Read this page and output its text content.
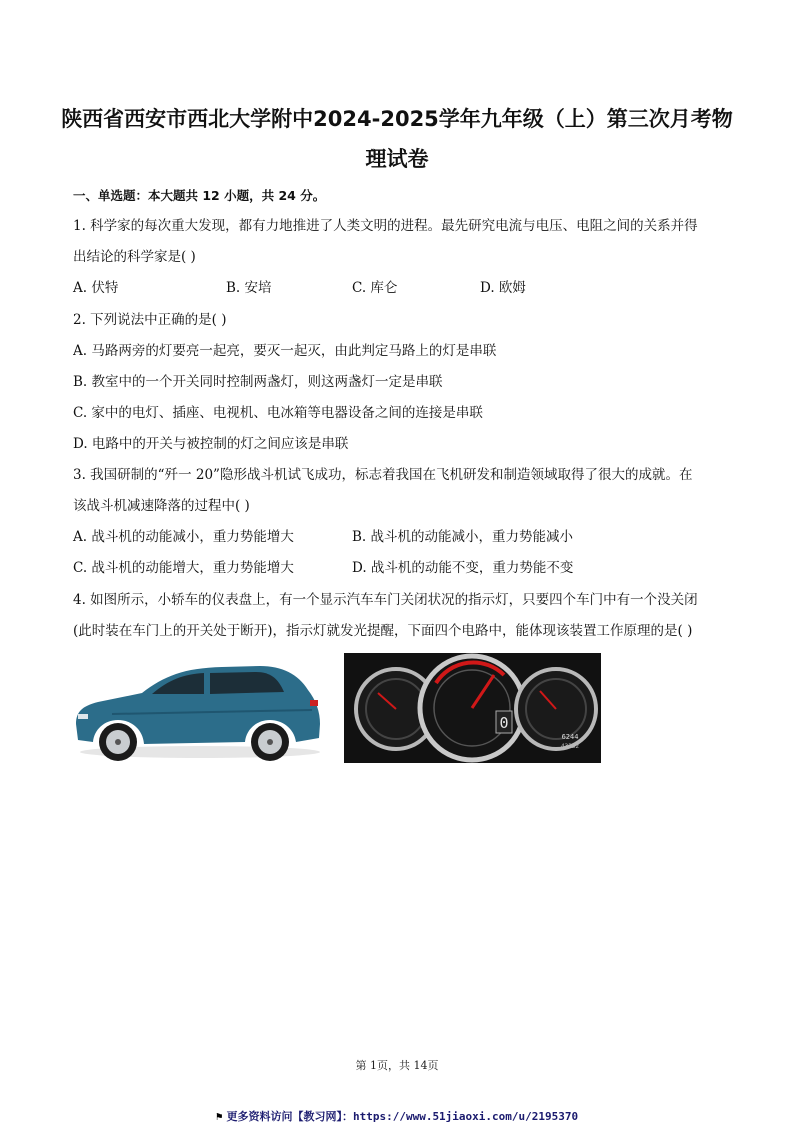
陕西省西安市西北大学附中2024-2025学年九年级（上）第三次月考物
理试卷
一、单选题：本大题共 12 小题，共 24 分。
1. 科学家的每次重大发现，都有力地推进了人类文明的进程。最先研究电流与电压、电阻之间的关系并得
出结论的科学家是( )
A. 伏特	B. 安培	C. 库仑	D. 欧姆
2. 下列说法中正确的是( )
A. 马路两旁的灯要亮一起亮，要灭一起灭，由此判定马路上的灯是串联
B. 教室中的一个开关同时控制两盏灯，则这两盏灯一定是串联
C. 家中的电灯、插座、电视机、电冰箱等电器设备之间的连接是串联
D. 电路中的开关与被控制的灯之间应该是串联
3. 我国研制的“歼一 20”隐形战斗机试飞成功，标志着我国在飞机研发和制造领域取得了很大的成就。在
该战斗机减速降落的过程中( )
A. 战斗机的动能减小，重力势能增大	B. 战斗机的动能减小，重力势能减小
C. 战斗机的动能增大，重力势能增大	D. 战斗机的动能不变，重力势能不变
4. 如图所示，小轿车的仪表盘上，有一个显示汽车车门关闭状况的指示灯，只要四个车门中有一个没关闭
(此时装在车门上的开关处于断开)，指示灯就发光提醒，下面四个电路中，能体现该装置工作原理的是( )
0
6244
43332
第 1页，共 14页
⚑ 更多资料访问【教习网】：https://www.51jiaoxi.com/u/2195370
